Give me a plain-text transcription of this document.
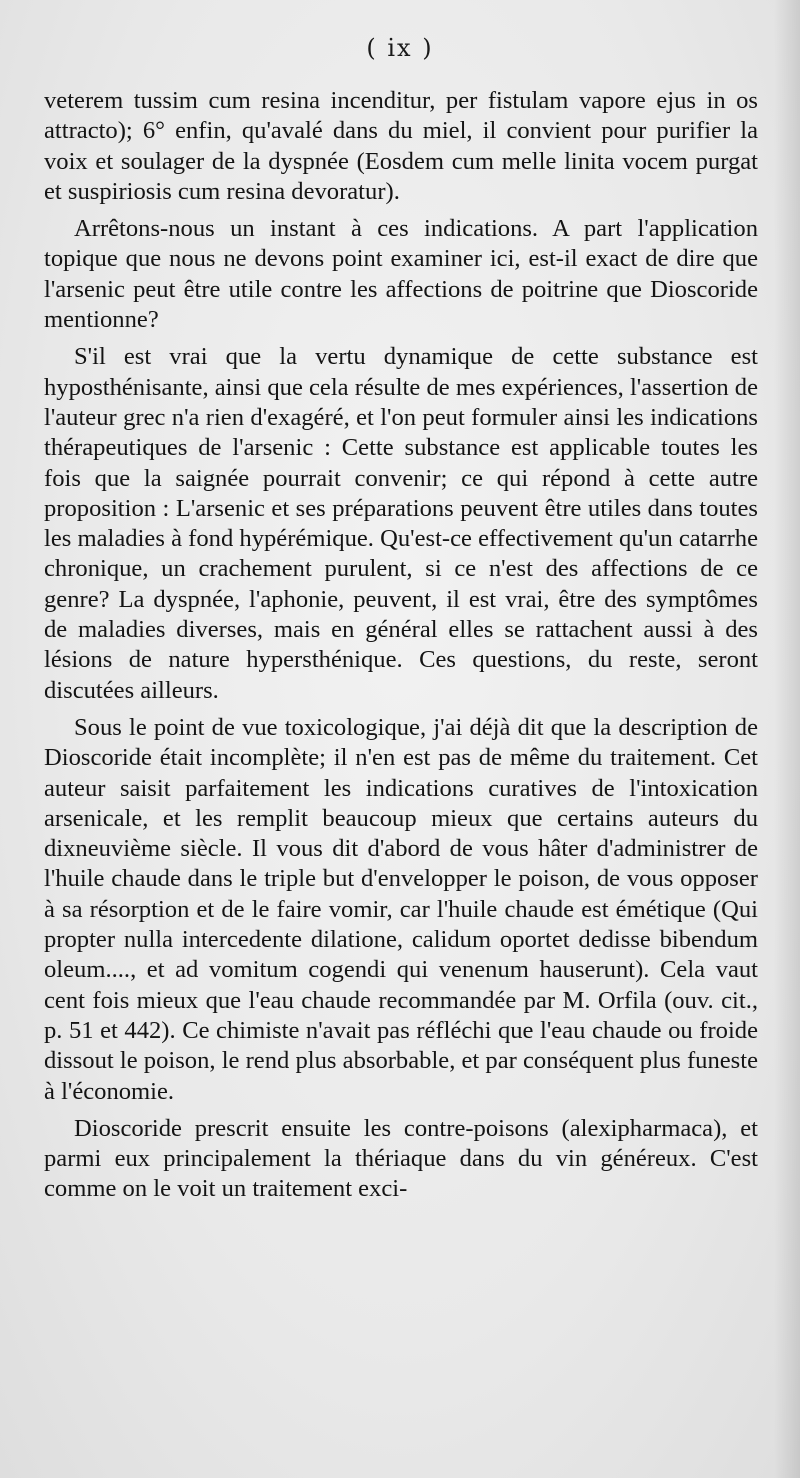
( ix )

veterem tussim cum resina incenditur, per fistulam vapore ejus in os attracto); 6° enfin, qu'avalé dans du miel, il convient pour purifier la voix et soulager de la dyspnée (Eosdem cum melle linita vocem purgat et suspiriosis cum resina devoratur).

Arrêtons-nous un instant à ces indications. A part l'application topique que nous ne devons point examiner ici, est-il exact de dire que l'arsenic peut être utile contre les affections de poitrine que Dioscoride mentionne?

S'il est vrai que la vertu dynamique de cette substance est hyposthénisante, ainsi que cela résulte de mes expériences, l'assertion de l'auteur grec n'a rien d'exagéré, et l'on peut formuler ainsi les indications thérapeutiques de l'arsenic : Cette substance est applicable toutes les fois que la saignée pourrait convenir; ce qui répond à cette autre proposition : L'arsenic et ses préparations peuvent être utiles dans toutes les maladies à fond hypérémique. Qu'est-ce effectivement qu'un catarrhe chronique, un crachement purulent, si ce n'est des affections de ce genre? La dyspnée, l'aphonie, peuvent, il est vrai, être des symptômes de maladies diverses, mais en général elles se rattachent aussi à des lésions de nature hypersthénique. Ces questions, du reste, seront discutées ailleurs.

Sous le point de vue toxicologique, j'ai déjà dit que la description de Dioscoride était incomplète; il n'en est pas de même du traitement. Cet auteur saisit parfaitement les indications curatives de l'intoxication arsenicale, et les remplit beaucoup mieux que certains auteurs du dixneuvième siècle. Il vous dit d'abord de vous hâter d'administrer de l'huile chaude dans le triple but d'envelopper le poison, de vous opposer à sa résorption et de le faire vomir, car l'huile chaude est émétique (Qui propter nulla intercedente dilatione, calidum oportet dedisse bibendum oleum...., et ad vomitum cogendi qui venenum hauserunt). Cela vaut cent fois mieux que l'eau chaude recommandée par M. Orfila (ouv. cit., p. 51 et 442). Ce chimiste n'avait pas réfléchi que l'eau chaude ou froide dissout le poison, le rend plus absorbable, et par conséquent plus funeste à l'économie.

Dioscoride prescrit ensuite les contre-poisons (alexipharmaca), et parmi eux principalement la thériaque dans du vin généreux. C'est comme on le voit un traitement exci-
